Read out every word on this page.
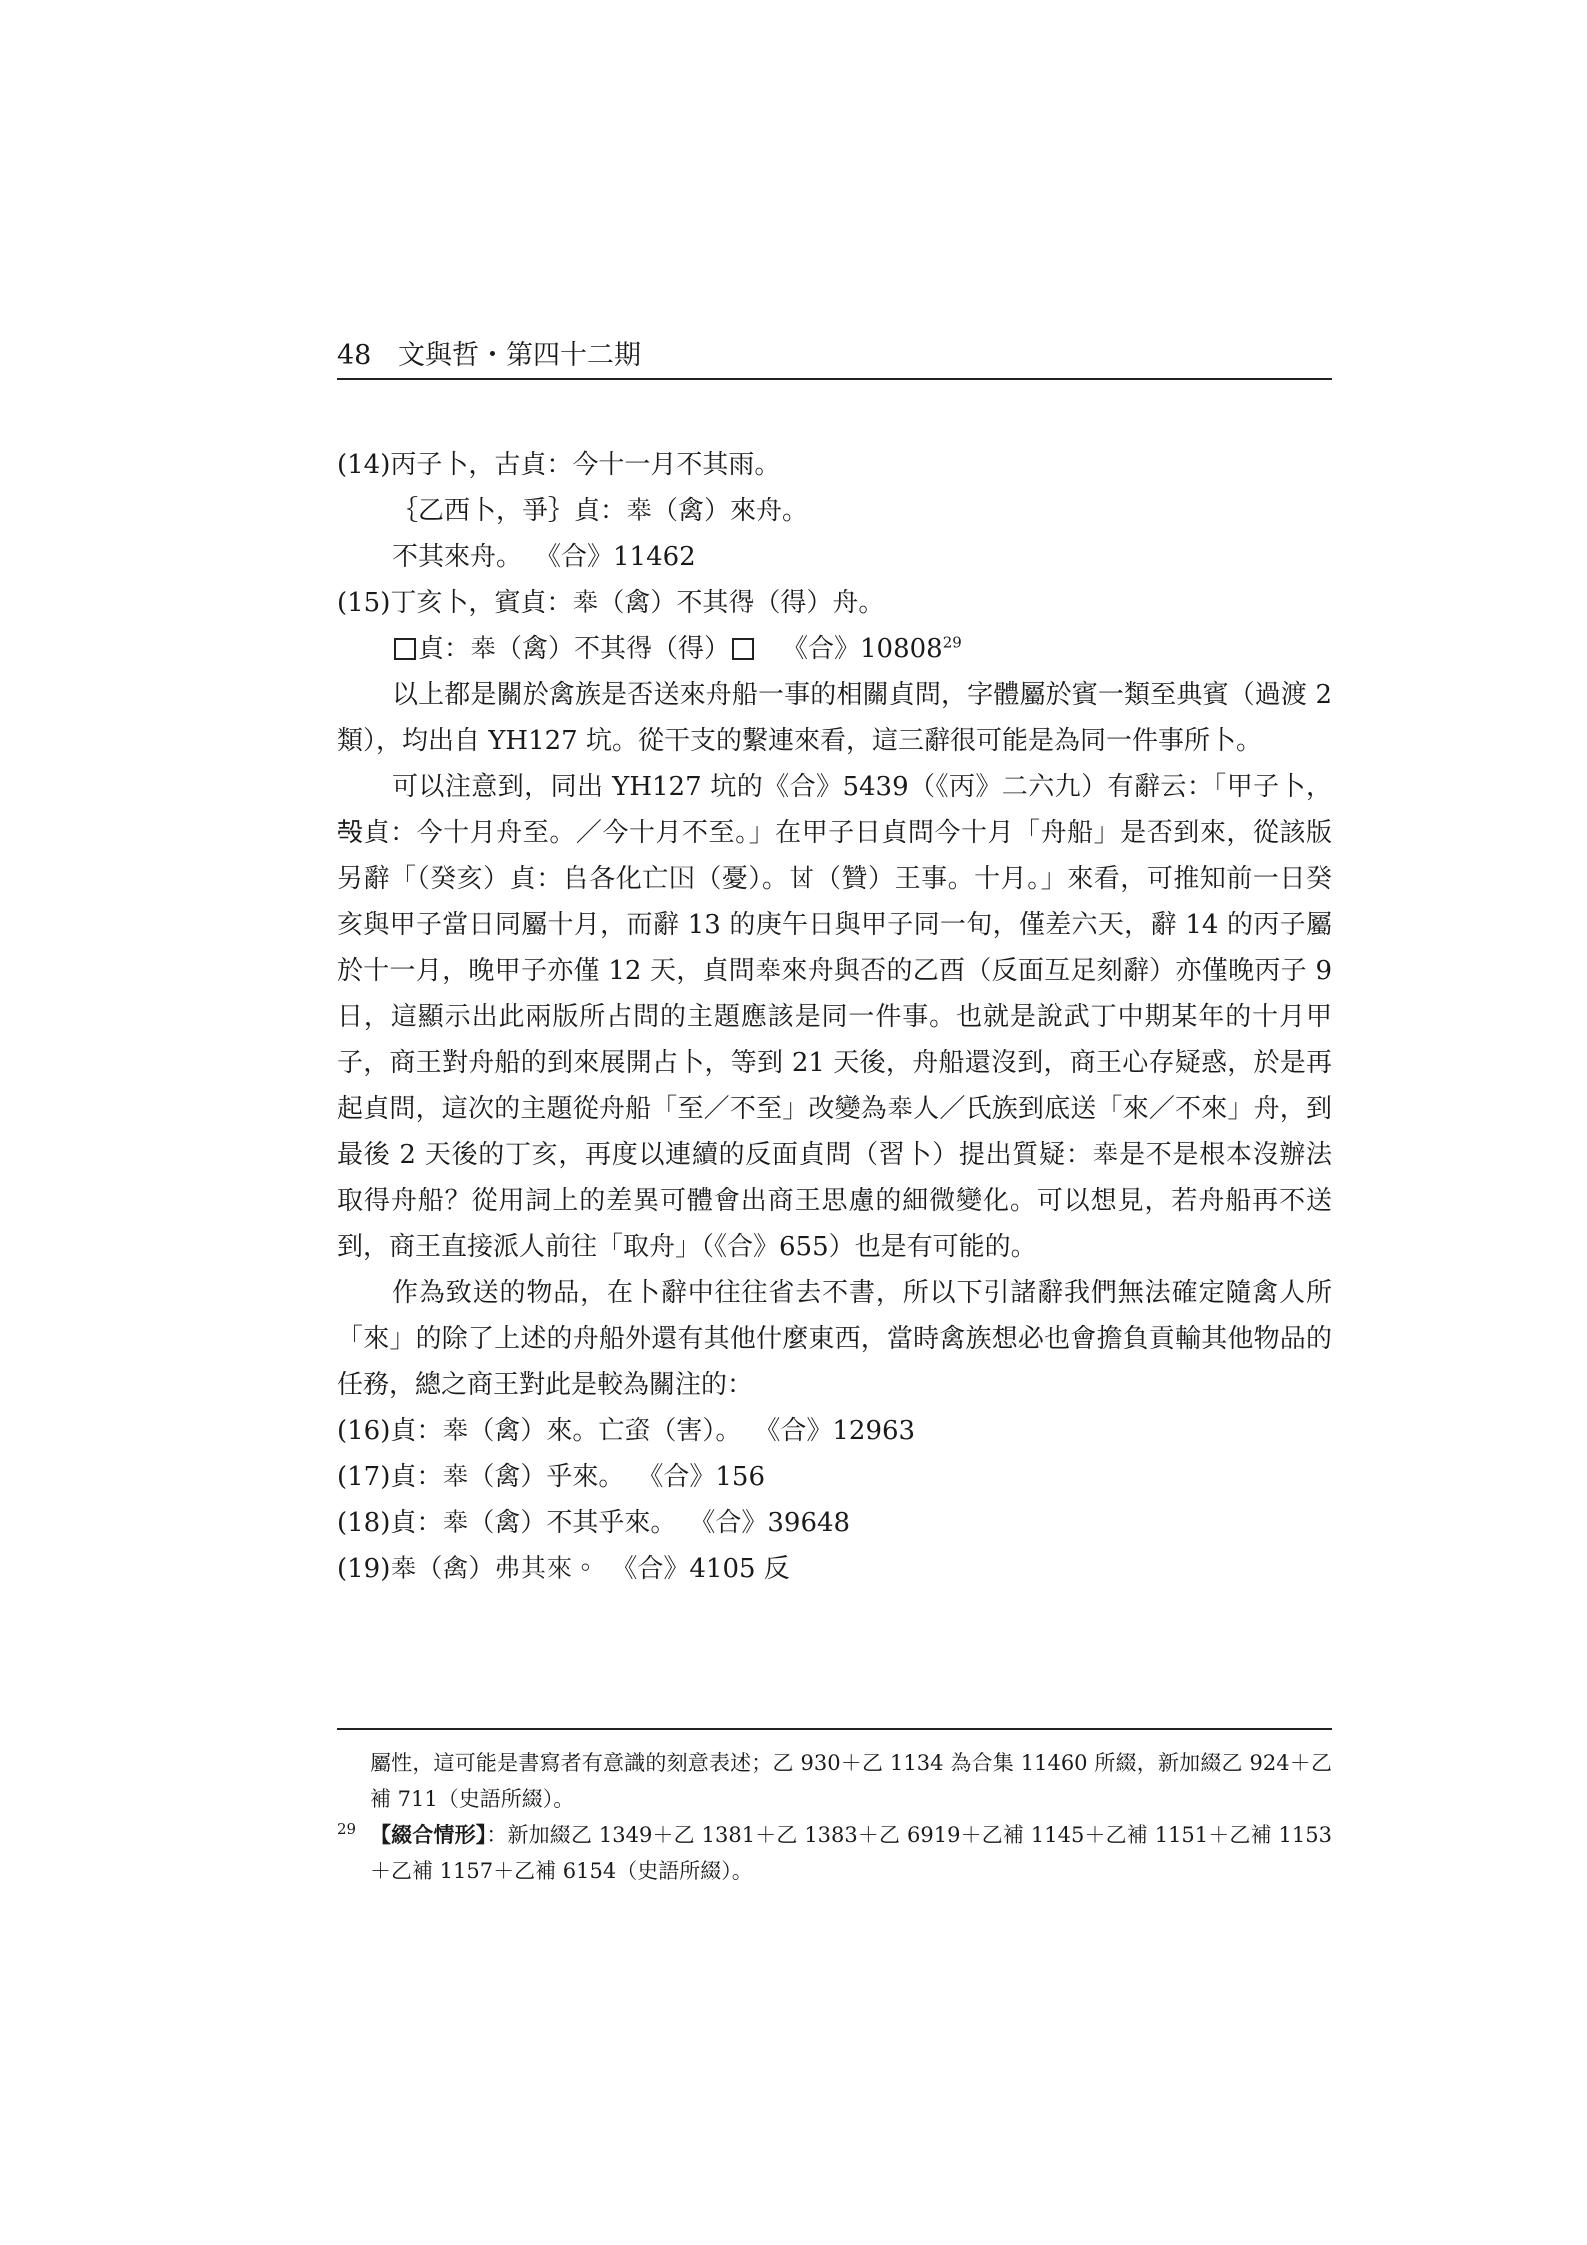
48 文與哲・第四十二期
(14)丙子卜，古貞：今十一月不其雨。
｛乙西卜，爭｝貞：𠦪（禽）來舟。
不其來舟。 《合》11462
(15)丁亥卜，賓貞：𠦪（禽）不其𢔶（得）舟。
貞：𠦪（禽）不其𢔶（得） 《合》10808$^{29}$
以上都是關於禽族是否送來舟船一事的相關貞問，字體屬於賓一類至典賓（過渡 2 類），均出自 YH127 坑。從干支的繫連來看，這三辭很可能是為同一件事所卜。
可以注意到，同出 YH127 坑的《合》5439（《丙》二六九）有辭云：「甲子卜，𣪊貞：今十月舟至。／今十月不至。」在甲子日貞問今十月「舟船」是否到來，從該版另辭「（癸亥）貞：𠂤各化亡𡆥（憂）。𠀠（贊）王事。十月。」來看，可推知前一日癸亥與甲子當日同屬十月，而辭 13 的庚午日與甲子同一旬，僅差六天，辭 14 的丙子屬於十一月，晚甲子亦僅 12 天，貞問𠦪來舟與否的乙酉（反面互足刻辭）亦僅晚丙子 9 日，這顯示出此兩版所占問的主題應該是同一件事。也就是說武丁中期某年的十月甲子，商王對舟船的到來展開占卜，等到 21 天後，舟船還沒到，商王心存疑惑，於是再起貞問，這次的主題從舟船「至／不至」改變為𠦪人／氏族到底送「來／不來」舟，到最後 2 天後的丁亥，再度以連續的反面貞問（習卜）提出質疑：𠦪是不是根本沒辦法取得舟船？從用詞上的差異可體會出商王思慮的細微變化。可以想見，若舟船再不送到，商王直接派人前往「取舟」（《合》655）也是有可能的。
作為致送的物品，在卜辭中往往省去不書，所以下引諸辭我們無法確定隨禽人所「來」的除了上述的舟船外還有其他什麼東西，當時禽族想必也會擔負貢輸其他物品的任務，總之商王對此是較為關注的：
(16)貞：𠦪（禽）來。亡𧊒（害）。 《合》12963
(17)貞：𠦪（禽）乎來。 《合》156
(18)貞：𠦪（禽）不其乎來。 《合》39648
(19)𠦪（禽）弗其來。 《合》4105 反
屬性，這可能是書寫者有意識的刻意表述；乙 930＋乙 1134 為合集 11460 所綴，新加綴乙 924＋乙補 711（史語所綴）。
29 【綴合情形】：新加綴乙 1349＋乙 1381＋乙 1383＋乙 6919＋乙補 1145＋乙補 1151＋乙補 1153＋乙補 1157＋乙補 6154（史語所綴）。
